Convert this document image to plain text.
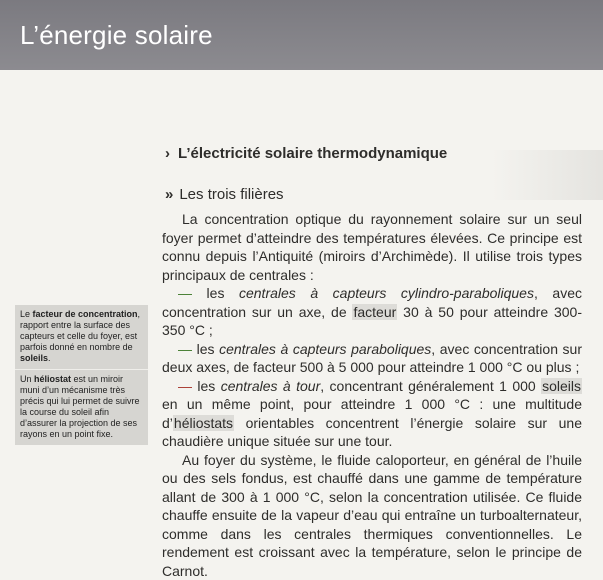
L’énergie solaire
› L’électricité solaire thermodynamique
» Les trois filières

La concentration optique du rayonnement solaire sur un seul foyer permet d’atteindre des températures élevées. Ce principe est connu depuis l’Antiquité (miroirs d’Archimède). Il utilise trois types principaux de centrales :

— les centrales à capteurs cylindro-paraboliques, avec concentration sur un axe, de facteur 30 à 50 pour atteindre 300-350 °C ;

— les centrales à capteurs paraboliques, avec concentration sur deux axes, de facteur 500 à 5 000 pour atteindre 1 000 °C ou plus ;

— les centrales à tour, concentrant généralement 1 000 soleils en un même point, pour atteindre 1 000 °C : une multitude d’héliostats orientables concentrent l’énergie solaire sur une chaudière unique située sur une tour.

Au foyer du système, le fluide caloporteur, en général de l’huile ou des sels fondus, est chauffé dans une gamme de température allant de 300 à 1 000 °C, selon la concentration utilisée. Ce fluide chauffe ensuite de la vapeur d’eau qui entraîne un turboalternateur, comme dans les centrales thermiques conventionnelles. Le rendement est croissant avec la température, selon le principe de Carnot.

Le facteur de concentration, rapport entre la surface des capteurs et celle du foyer, est parfois donné en nombre de soleils.
Un héliostat est un miroir muni d’un mécanisme très précis qui lui permet de suivre la course du soleil afin d’assurer la projection de ses rayons en un point fixe.
